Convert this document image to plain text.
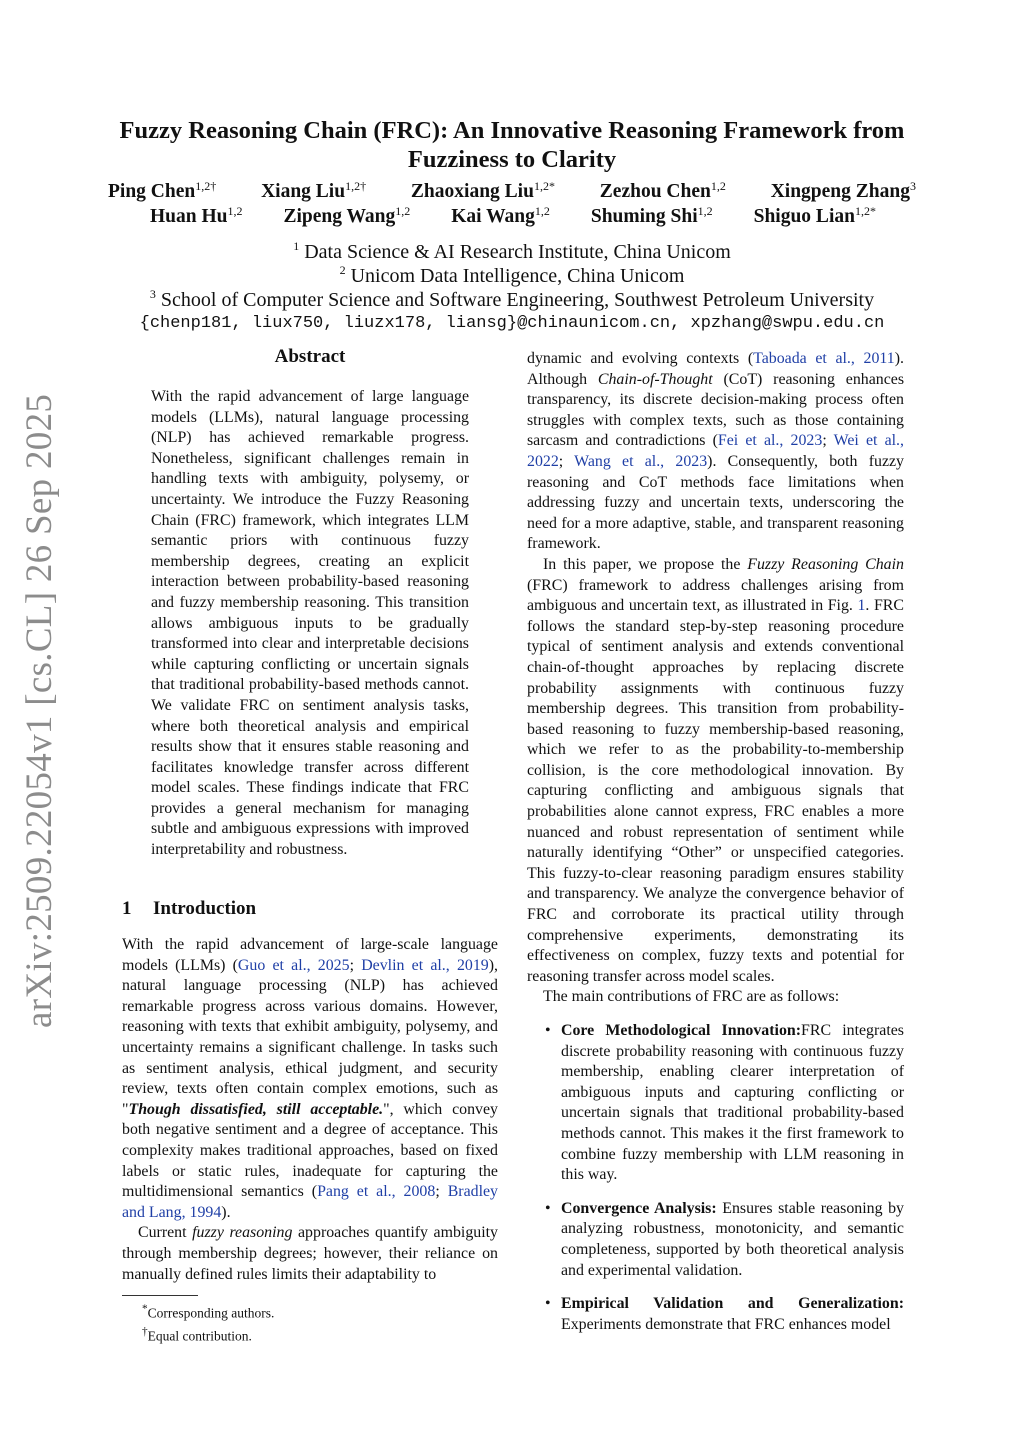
arXiv:2509.22054v1 [cs.CL] 26 Sep 2025
Fuzzy Reasoning Chain (FRC): An Innovative Reasoning Framework from Fuzziness to Clarity
Ping Chen$^{1,2\dagger}$ Xiang Liu$^{1,2\dagger}$ Zhaoxiang Liu$^{1,2*}$ Zezhou Chen$^{1,2}$ Xingpeng Zhang$^3$
Huan Hu$^{1,2}$ Zipeng Wang$^{1,2}$ Kai Wang$^{1,2}$ Shuming Shi$^{1,2}$ Shiguo Lian$^{1,2*}$
$^1$ Data Science & AI Research Institute, China Unicom
$^2$ Unicom Data Intelligence, China Unicom
$^3$ School of Computer Science and Software Engineering, Southwest Petroleum University
{chenp181, liux750, liuzx178, liansg}@chinaunicom.cn, xpzhang@swpu.edu.cn
Abstract

With the rapid advancement of large language models (LLMs), natural language processing (NLP) has achieved remarkable progress. Nonetheless, significant challenges remain in handling texts with ambiguity, polysemy, or uncertainty. We introduce the Fuzzy Reasoning Chain (FRC) framework, which integrates LLM semantic priors with continuous fuzzy membership degrees, creating an explicit interaction between probability-based reasoning and fuzzy membership reasoning. This transition allows ambiguous inputs to be gradually transformed into clear and interpretable decisions while capturing conflicting or uncertain signals that traditional probability-based methods cannot. We validate FRC on sentiment analysis tasks, where both theoretical analysis and empirical results show that it ensures stable reasoning and facilitates knowledge transfer across different model scales. These findings indicate that FRC provides a general mechanism for managing subtle and ambiguous expressions with improved interpretability and robustness.

1 Introduction

With the rapid advancement of large-scale language models (LLMs) (Guo et al., 2025; Devlin et al., 2019), natural language processing (NLP) has achieved remarkable progress across various domains. However, reasoning with texts that exhibit ambiguity, polysemy, and uncertainty remains a significant challenge. In tasks such as sentiment analysis, ethical judgment, and security review, texts often contain complex emotions, such as "Though dissatisfied, still acceptable.", which convey both negative sentiment and a degree of acceptance. This complexity makes traditional approaches, based on fixed labels or static rules, inadequate for capturing the multidimensional semantics (Pang et al., 2008; Bradley and Lang, 1994).

Current fuzzy reasoning approaches quantify ambiguity through membership degrees; however, their reliance on manually defined rules limits their adaptability to

dynamic and evolving contexts (Taboada et al., 2011). Although Chain-of-Thought (CoT) reasoning enhances transparency, its discrete decision-making process often struggles with complex texts, such as those containing sarcasm and contradictions (Fei et al., 2023; Wei et al., 2022; Wang et al., 2023). Consequently, both fuzzy reasoning and CoT methods face limitations when addressing fuzzy and uncertain texts, underscoring the need for a more adaptive, stable, and transparent reasoning framework.

In this paper, we propose the Fuzzy Reasoning Chain (FRC) framework to address challenges arising from ambiguous and uncertain text, as illustrated in Fig. 1. FRC follows the standard step-by-step reasoning procedure typical of sentiment analysis and extends conventional chain-of-thought approaches by replacing discrete probability assignments with continuous fuzzy membership degrees. This transition from probability-based reasoning to fuzzy membership-based reasoning, which we refer to as the probability-to-membership collision, is the core methodological innovation. By capturing conflicting and ambiguous signals that probabilities alone cannot express, FRC enables a more nuanced and robust representation of sentiment while naturally identifying “Other” or unspecified categories. This fuzzy-to-clear reasoning paradigm ensures stability and transparency. We analyze the convergence behavior of FRC and corroborate its practical utility through comprehensive experiments, demonstrating its effectiveness on complex, fuzzy texts and potential for reasoning transfer across model scales.

The main contributions of FRC are as follows:

• Core Methodological Innovation:FRC integrates discrete probability reasoning with continuous fuzzy membership, enabling clearer interpretation of ambiguous inputs and capturing conflicting or uncertain signals that traditional probability-based methods cannot. This makes it the first framework to combine fuzzy membership with LLM reasoning in this way.
• Convergence Analysis: Ensures stable reasoning by analyzing robustness, monotonicity, and semantic completeness, supported by both theoretical analysis and experimental validation.
• Empirical Validation and Generalization: Experiments demonstrate that FRC enhances model
*Corresponding authors.
†Equal contribution.
